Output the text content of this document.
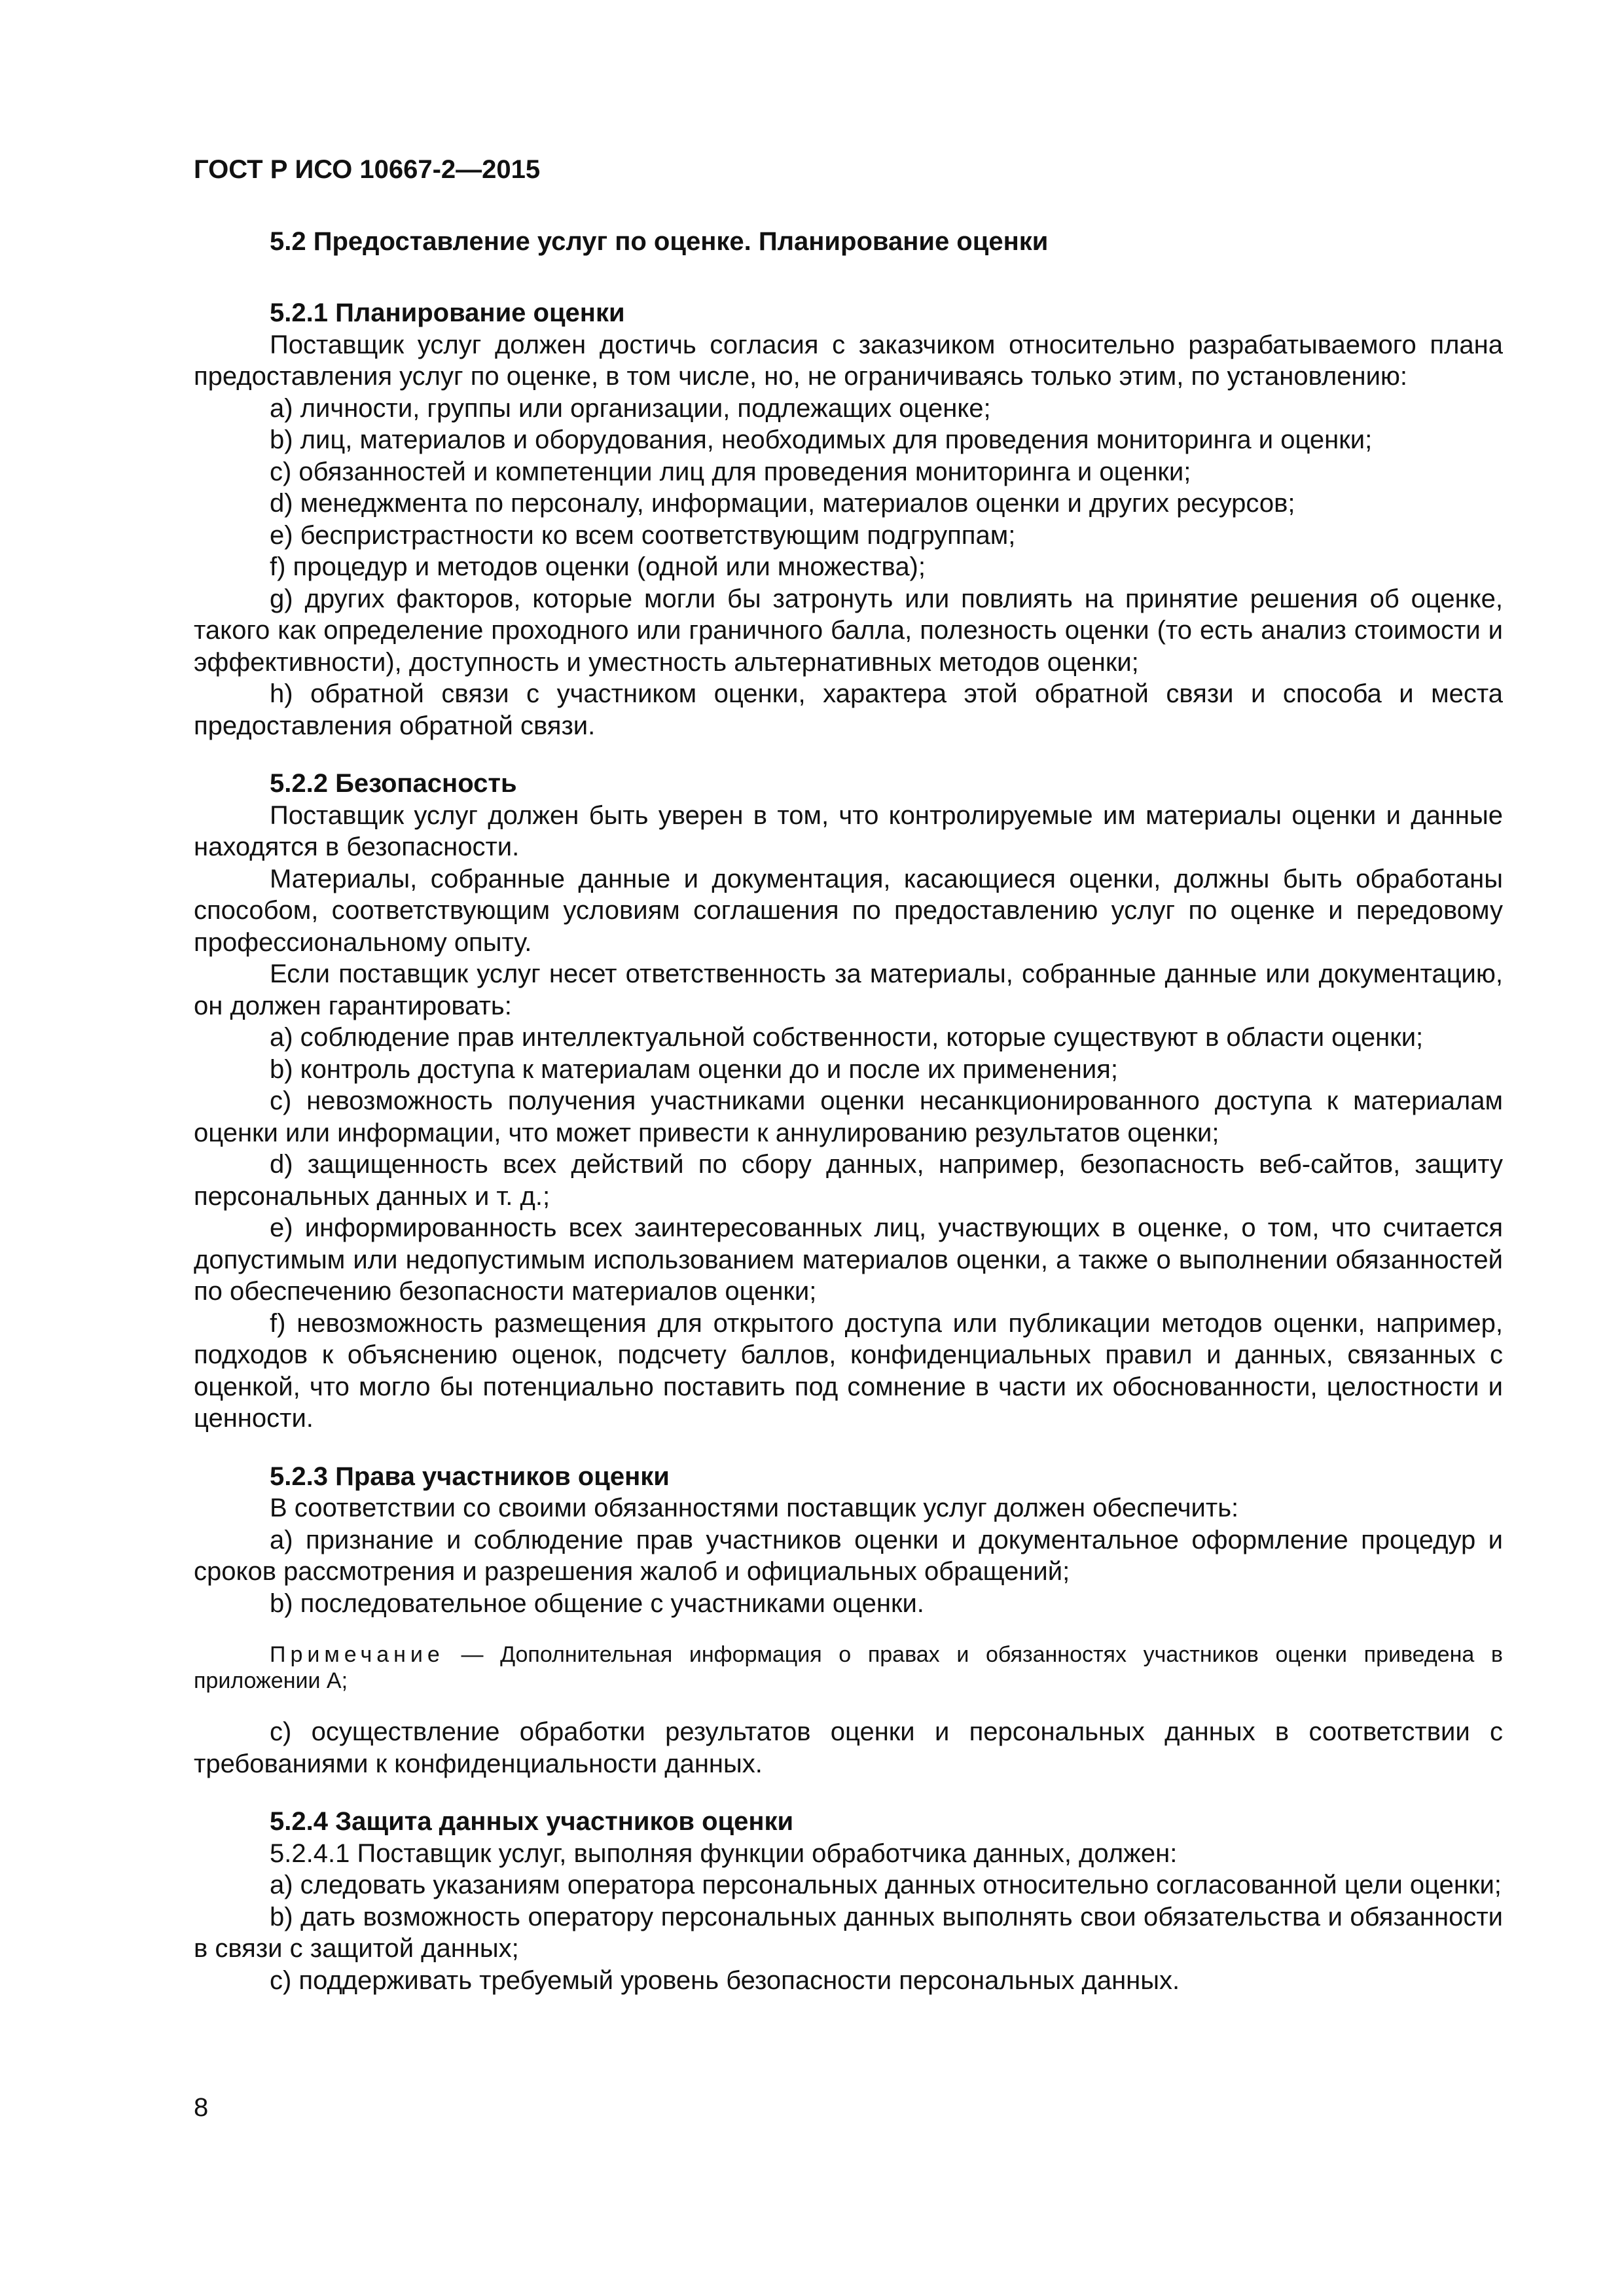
ГОСТ Р ИСО 10667-2—2015
5.2 Предоставление услуг по оценке. Планирование оценки
5.2.1 Планирование оценки

Поставщик услуг должен достичь согласия с заказчиком относительно разрабатываемого плана предоставления услуг по оценке, в том числе, но, не ограничиваясь только этим, по установлению:

a) личности, группы или организации, подлежащих оценке;

b) лиц, материалов и оборудования, необходимых для проведения мониторинга и оценки;

c) обязанностей и компетенции лиц для проведения мониторинга и оценки;

d) менеджмента по персоналу, информации, материалов оценки и других ресурсов;

e) беспристрастности ко всем соответствующим подгруппам;

f) процедур и методов оценки (одной или множества);

g) других факторов, которые могли бы затронуть или повлиять на принятие решения об оценке, такого как определение проходного или граничного балла, полезность оценки (то есть анализ стоимости и эффективности), доступность и уместность альтернативных методов оценки;

h) обратной связи с участником оценки, характера этой обратной связи и способа и места предоставления обратной связи.

5.2.2 Безопасность

Поставщик услуг должен быть уверен в том, что контролируемые им материалы оценки и данные находятся в безопасности.

Материалы, собранные данные и документация, касающиеся оценки, должны быть обработаны способом, соответствующим условиям соглашения по предоставлению услуг по оценке и передовому профессиональному опыту.

Если поставщик услуг несет ответственность за материалы, собранные данные или документацию, он должен гарантировать:

a) соблюдение прав интеллектуальной собственности, которые существуют в области оценки;

b) контроль доступа к материалам оценки до и после их применения;

c) невозможность получения участниками оценки несанкционированного доступа к материалам оценки или информации, что может привести к аннулированию результатов оценки;

d) защищенность всех действий по сбору данных, например, безопасность веб-сайтов, защиту персональных данных и т. д.;

e) информированность всех заинтересованных лиц, участвующих в оценке, о том, что считается допустимым или недопустимым использованием материалов оценки, а также о выполнении обязанностей по обеспечению безопасности материалов оценки;

f) невозможность размещения для открытого доступа или публикации методов оценки, например, подходов к объяснению оценок, подсчету баллов, конфиденциальных правил и данных, связанных с оценкой, что могло бы потенциально поставить под сомнение в части их обоснованности, целостности и ценности.

5.2.3 Права участников оценки

В соответствии со своими обязанностями поставщик услуг должен обеспечить:

a) признание и соблюдение прав участников оценки и документальное оформление процедур и сроков рассмотрения и разрешения жалоб и официальных обращений;

b) последовательное общение с участниками оценки.

Примечание — Дополнительная информация о правах и обязанностях участников оценки приведена в приложении А;

c) осуществление обработки результатов оценки и персональных данных в соответствии с требованиями к конфиденциальности данных.

5.2.4 Защита данных участников оценки

5.2.4.1 Поставщик услуг, выполняя функции обработчика данных, должен:

a) следовать указаниям оператора персональных данных относительно согласованной цели оценки;

b) дать возможность оператору персональных данных выполнять свои обязательства и обязанности в связи с защитой данных;

c) поддерживать требуемый уровень безопасности персональных данных.

8
